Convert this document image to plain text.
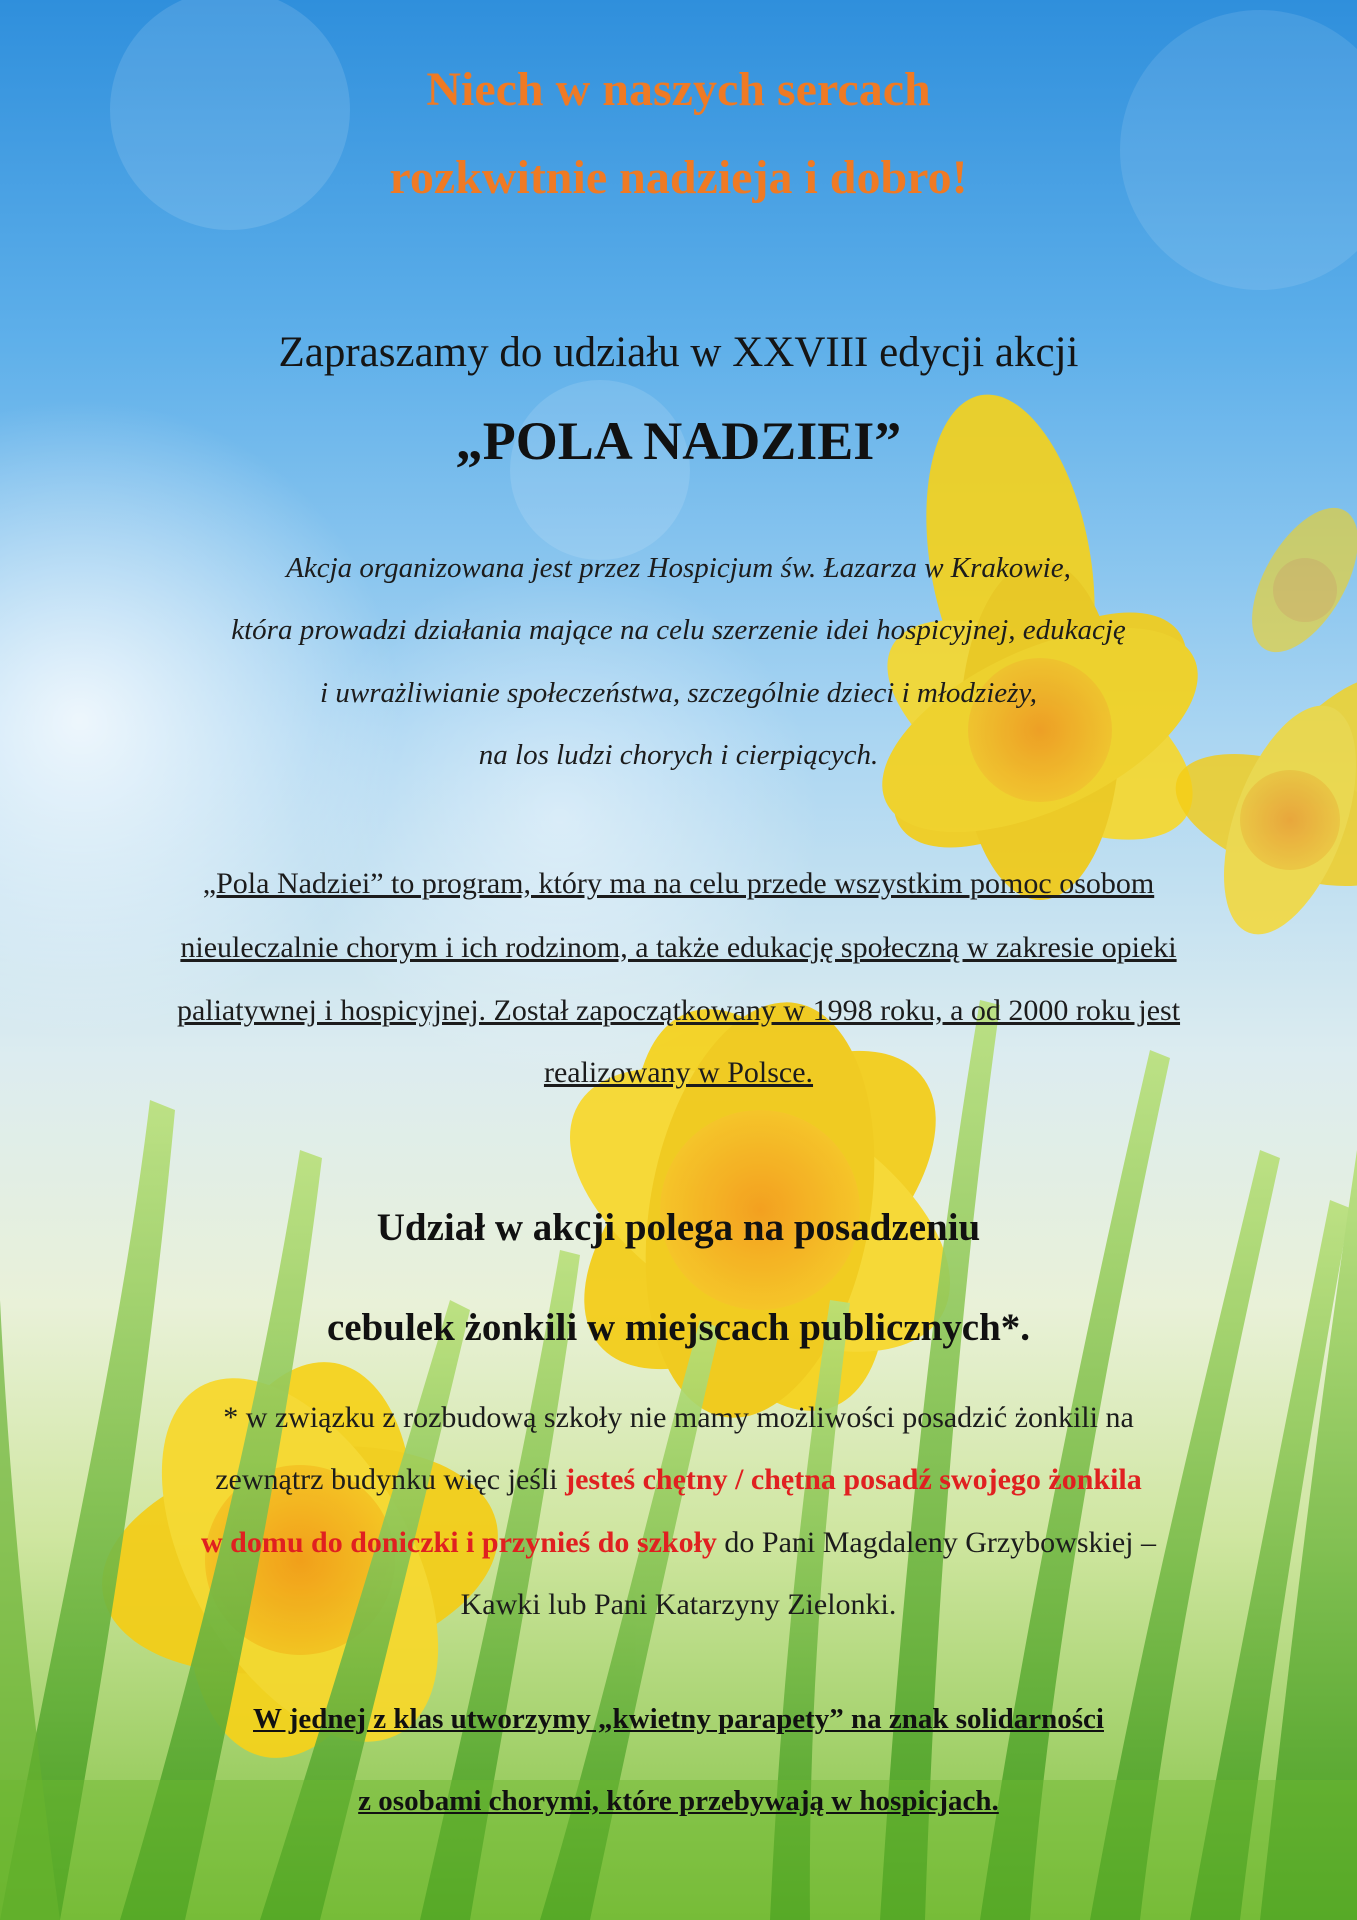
Niech w naszych sercach
rozkwitnie nadzieja i dobro!
Zapraszamy do udziału w XXVIII edycji akcji
„POLA NADZIEI”
Akcja organizowana jest przez Hospicjum św. Łazarza w Krakowie,
która prowadzi działania mające na celu szerzenie idei hospicyjnej, edukację
i uwrażliwianie społeczeństwa, szczególnie dzieci i młodzieży,
na los ludzi chorych i cierpiących.
„Pola Nadziei” to program, który ma na celu przede wszystkim pomoc osobom
nieuleczalnie chorym i ich rodzinom, a także edukację społeczną w zakresie opieki
paliatywnej i hospicyjnej. Został zapoczątkowany w 1998 roku, a od 2000 roku jest
realizowany w Polsce.
Udział w akcji polega na posadzeniu
cebulek żonkili w miejscach publicznych*.
* w związku z rozbudową szkoły nie mamy możliwości posadzić żonkili na
zewnątrz budynku więc jeśli jesteś chętny / chętna posadź swojego żonkila
w domu do doniczki i przynieś do szkoły do Pani Magdaleny Grzybowskiej –
Kawki lub Pani Katarzyny Zielonki.
W jednej z klas utworzymy „kwietny parapety” na znak solidarności
z osobami chorymi, które przebywają w hospicjach.
